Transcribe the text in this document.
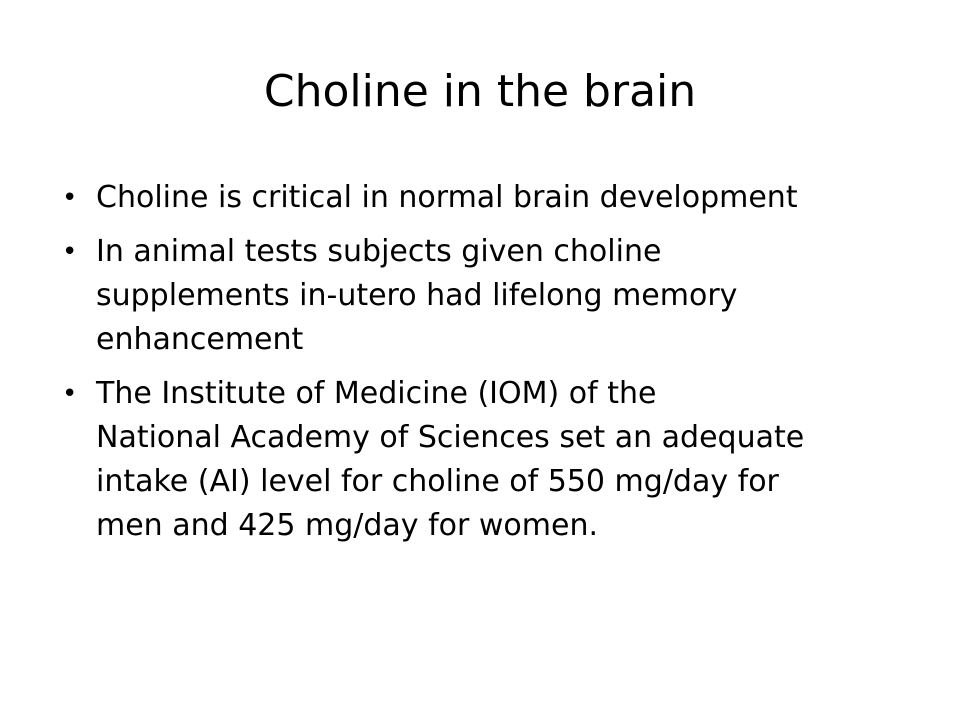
Choline in the brain
• Choline is critical in normal brain development
• In animal tests subjects given choline
supplements in-utero had lifelong memory
enhancement
• The Institute of Medicine (IOM) of the
National Academy of Sciences set an adequate
intake (AI) level for choline of 550 mg/day for
men and 425 mg/day for women.
